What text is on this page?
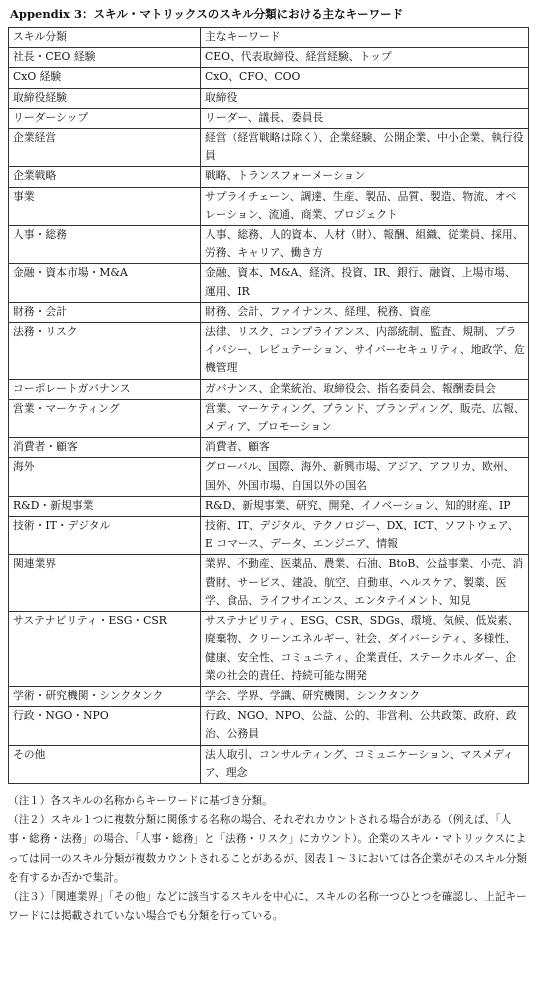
Appendix 3：スキル・マトリックスのスキル分類における主なキーワード
スキル分類	主なキーワード
社長・CEO 経験	CEO、代表取締役、経営経験、トップ
CxO 経験	CxO、CFO、COO
取締役経験	取締役
リーダーシップ	リーダー、議長、委員長
企業経営	経営（経営戦略は除く）、企業経験、公開企業、中小企業、執行役員
企業戦略	戦略、トランスフォーメーション
事業	サプライチェーン、調達、生産、製品、品質、製造、物流、オペレーション、流通、商業、プロジェクト
人事・総務	人事、総務、人的資本、人材（財）、報酬、組織、従業員、採用、労務、キャリア、働き方
金融・資本市場・M&A	金融、資本、M&A、経済、投資、IR、銀行、融資、上場市場、運用、IR
財務・会計	財務、会計、ファイナンス、経理、税務、資産
法務・リスク	法律、リスク、コンプライアンス、内部統制、監査、規制、プライバシー、レピュテーション、サイバーセキュリティ、地政学、危機管理
コーポレートガバナンス	ガバナンス、企業統治、取締役会、指名委員会、報酬委員会
営業・マーケティング	営業、マーケティング、ブランド、ブランディング、販売、広報、メディア、プロモーション
消費者・顧客	消費者、顧客
海外	グローバル、国際、海外、新興市場、アジア、アフリカ、欧州、国外、外国市場、自国以外の国名
R&D・新規事業	R&D、新規事業、研究、開発、イノベーション、知的財産、IP
技術・IT・デジタル	技術、IT、デジタル、テクノロジー、DX、ICT、ソフトウェア、E コマース、データ、エンジニア、情報
関連業界	業界、不動産、医薬品、農業、石油、BtoB、公益事業、小売、消費財、サービス、建設、航空、自動車、ヘルスケア、製薬、医学、食品、ライフサイエンス、エンタテイメント、知見
サステナビリティ・ESG・CSR	サステナビリティ、ESG、CSR、SDGs、環境、気候、低炭素、廃棄物、クリーンエネルギー、社会、ダイバーシティ、多様性、健康、安全性、コミュニティ、企業責任、ステークホルダー、企業の社会的責任、持続可能な開発
学術・研究機関・シンクタンク	学会、学界、学識、研究機関、シンクタンク
行政・NGO・NPO	行政、NGO、NPO、公益、公的、非営利、公共政策、政府、政治、公務員
その他	法人取引、コンサルティング、コミュニケーション、マスメディア、理念

（注１）各スキルの名称からキーワードに基づき分類。

（注２）スキル１つに複数分類に関係する名称の場合、それぞれカウントされる場合がある（例えば、「人事・総務・法務」の場合、「人事・総務」と「法務・リスク」にカウント）。企業のスキル・マトリックスによっては同一のスキル分類が複数カウントされることがあるが、図表１～３においては各企業がそのスキル分類を有するか否かで集計。

（注３）「関連業界」「その他」などに該当するスキルを中心に、スキルの名称一つひとつを確認し、上記キーワードには掲載されていない場合でも分類を行っている。
